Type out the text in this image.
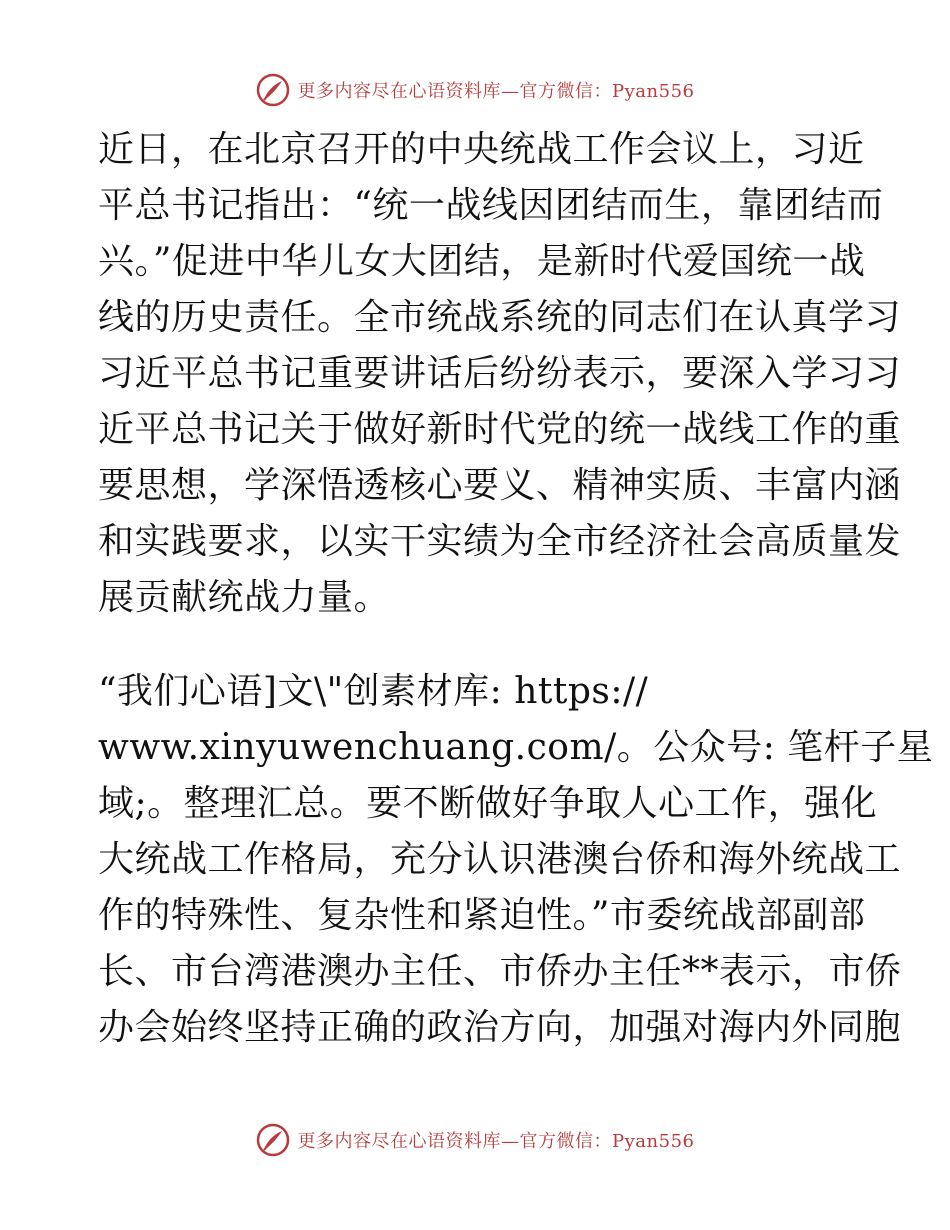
更多内容尽在心语资料库—官方微信：Pyan556
近日，在北京召开的中央统战工作会议上，习近
平总书记指出：“统一战线因团结而生，靠团结而
兴。”促进中华儿女大团结，是新时代爱国统一战
线的历史责任。全市统战系统的同志们在认真学习
习近平总书记重要讲话后纷纷表示，要深入学习习
近平总书记关于做好新时代党的统一战线工作的重
要思想，学深悟透核心要义、精神实质、丰富内涵
和实践要求，以实干实绩为全市经济社会高质量发
展贡献统战力量。
“我们心语]文\"创素材库: https://
www.xinyuwenchuang.com/。公众号: 笔杆子星
域;。整理汇总。要不断做好争取人心工作，强化
大统战工作格局，充分认识港澳台侨和海外统战工
作的特殊性、复杂性和紧迫性。”市委统战部副部
长、市台湾港澳办主任、市侨办主任**表示，市侨
办会始终坚持正确的政治方向，加强对海内外同胞
更多内容尽在心语资料库—官方微信：Pyan556
